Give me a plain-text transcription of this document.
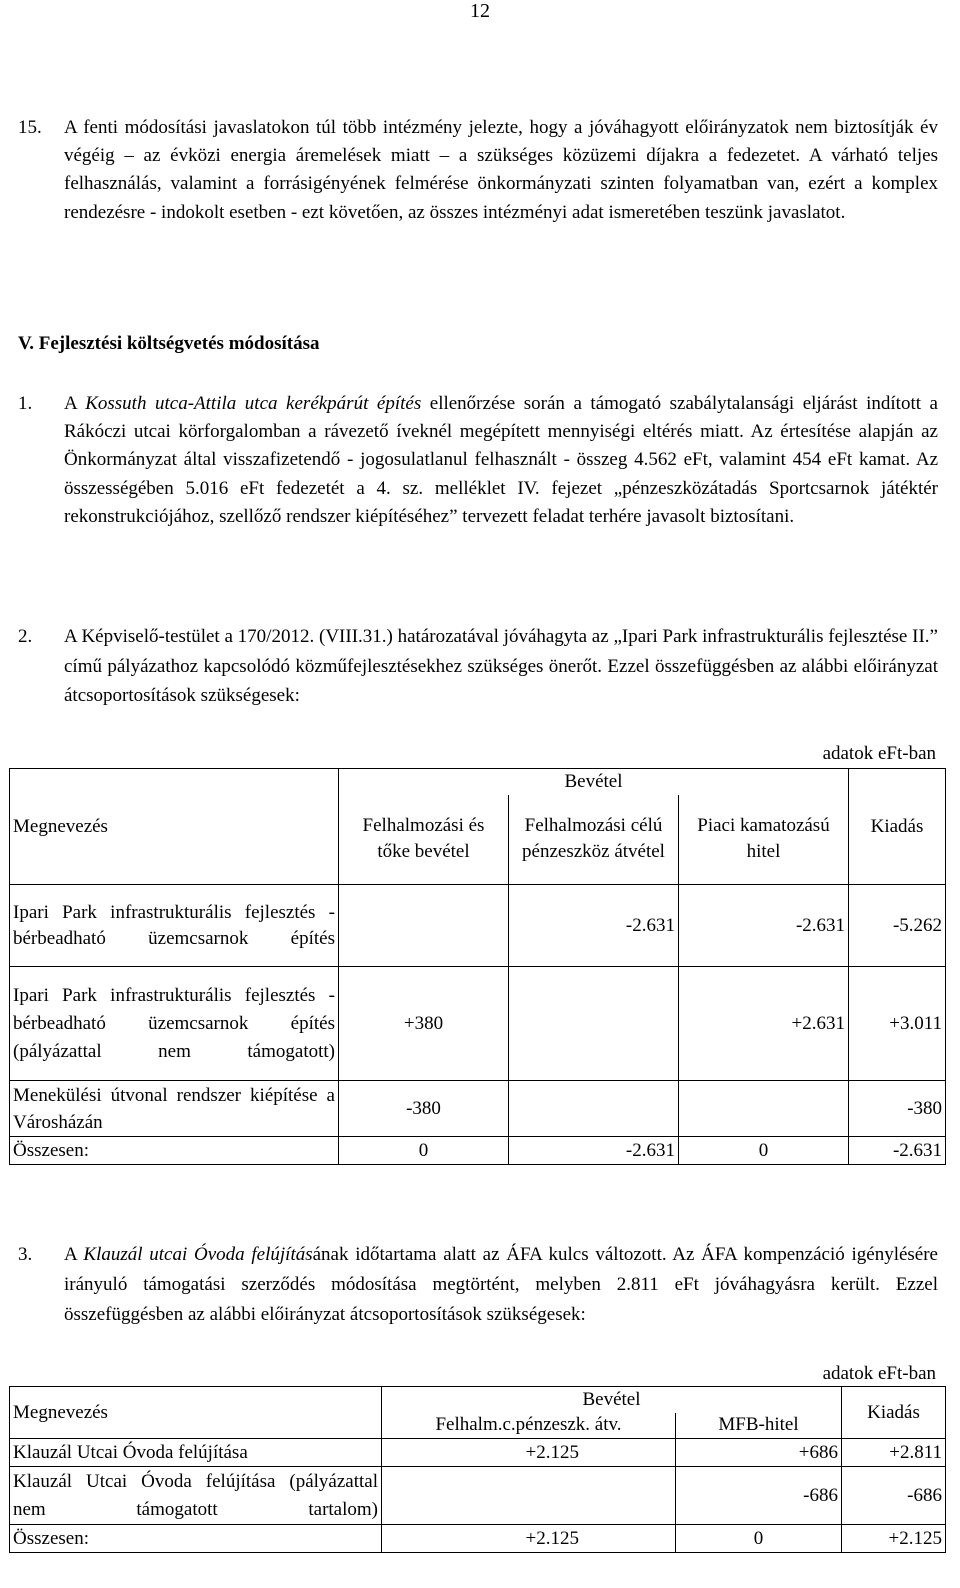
12
15. A fenti módosítási javaslatokon túl több intézmény jelezte, hogy a jóváhagyott előirányzatok nem biztosítják év végéig – az évközi energia áremelések miatt – a szükséges közüzemi díjakra a fedezetet. A várható teljes felhasználás, valamint a forrásigényének felmérése önkormányzati szinten folyamatban van, ezért a komplex rendezésre - indokolt esetben - ezt követően, az összes intézményi adat ismeretében teszünk javaslatot.

V. Fejlesztési költségvetés módosítása
1. A Kossuth utca-Attila utca kerékpárút építés ellenőrzése során a támogató szabálytalansági eljárást indított a Rákóczi utcai körforgalomban a rávezető íveknél megépített mennyiségi eltérés miatt. Az értesítése alapján az Önkormányzat által visszafizetendő - jogosulatlanul felhasznált - összeg 4.562 eFt, valamint 454 eFt kamat. Az összességében 5.016 eFt fedezetét a 4. sz. melléklet IV. fejezet „pénzeszközátadás Sportcsarnok játéktér rekonstrukciójához, szellőző rendszer kiépítéséhez” tervezett feladat terhére javasolt biztosítani.

2. A Képviselő-testület a 170/2012. (VIII.31.) határozatával jóváhagyta az „Ipari Park infrastrukturális fejlesztése II.” című pályázathoz kapcsolódó közműfejlesztésekhez szükséges önerőt. Ezzel összefüggésben az alábbi előirányzat átcsoportosítások szükségesek:

adatok eFt-ban
Megnevezés	Bevétel			Kiadás
	Felhalmozási és tőke bevétel	Felhalmozási célú pénzeszköz átvétel	Piaci kamatozású hitel	
Ipari Park infrastrukturális fejlesztés - bérbeadható üzemcsarnok építés		-2.631	-2.631	-5.262
Ipari Park infrastrukturális fejlesztés - bérbeadható üzemcsarnok építés (pályázattal nem támogatott)	+380		+2.631	+3.011
Menekülési útvonal rendszer kiépítése a Városházán	-380			-380
Összesen:	0	-2.631	0	-2.631
3. A Klauzál utcai Óvoda felújításának időtartama alatt az ÁFA kulcs változott. Az ÁFA kompenzáció igénylésére irányuló támogatási szerződés módosítása megtörtént, melyben 2.811 eFt jóváhagyásra került. Ezzel összefüggésben az alábbi előirányzat átcsoportosítások szükségesek:

adatok eFt-ban
Megnevezés	Bevétel		Kiadás
	Felhalm.c.pénzeszk. átv.	MFB-hitel	
Klauzál Utcai Óvoda felújítása	+2.125	+686	+2.811
Klauzál Utcai Óvoda felújítása (pályázattal nem támogatott tartalom)		-686	-686
Összesen:	+2.125	0	+2.125
